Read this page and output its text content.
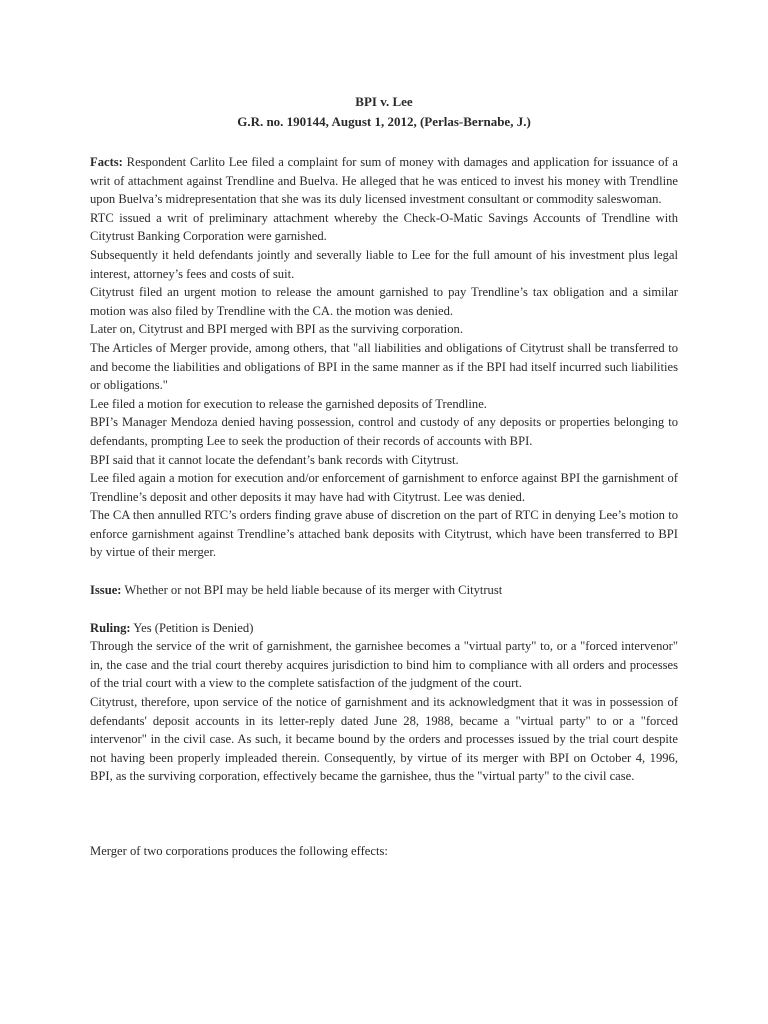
BPI v. Lee

G.R. no. 190144, August 1, 2012, (Perlas-Bernabe, J.)

Facts: Respondent Carlito Lee filed a complaint for sum of money with damages and application for issuance of a writ of attachment against Trendline and Buelva. He alleged that he was enticed to invest his money with Trendline upon Buelva’s midrepresentation that she was its duly licensed investment consultant or commodity saleswoman.

RTC issued a writ of preliminary attachment whereby the Check-O-Matic Savings Accounts of Trendline with Citytrust Banking Corporation were garnished.

Subsequently it held defendants jointly and severally liable to Lee for the full amount of his investment plus legal interest, attorney’s fees and costs of suit.

Citytrust filed an urgent motion to release the amount garnished to pay Trendline’s tax obligation and a similar motion was also filed by Trendline with the CA. the motion was denied.

Later on, Citytrust and BPI merged with BPI as the surviving corporation.

The Articles of Merger provide, among others, that "all liabilities and obligations of Citytrust shall be transferred to and become the liabilities and obligations of BPI in the same manner as if the BPI had itself incurred such liabilities or obligations."

Lee filed a motion for execution to release the garnished deposits of Trendline.

BPI’s Manager Mendoza denied having possession, control and custody of any deposits or properties belonging to defendants, prompting Lee to seek the production of their records of accounts with BPI.

BPI said that it cannot locate the defendant’s bank records with Citytrust.

Lee filed again a motion for execution and/or enforcement of garnishment to enforce against BPI the garnishment of Trendline’s deposit and other deposits it may have had with Citytrust. Lee was denied.

The CA then annulled RTC’s orders finding grave abuse of discretion on the part of RTC in denying Lee’s motion to enforce garnishment against Trendline’s attached bank deposits with Citytrust, which have been transferred to BPI by virtue of their merger.

Issue: Whether or not BPI may be held liable because of its merger with Citytrust

Ruling: Yes (Petition is Denied)

Through the service of the writ of garnishment, the garnishee becomes a "virtual party" to, or a "forced intervenor" in, the case and the trial court thereby acquires jurisdiction to bind him to compliance with all orders and processes of the trial court with a view to the complete satisfaction of the judgment of the court.

Citytrust, therefore, upon service of the notice of garnishment and its acknowledgment that it was in possession of defendants' deposit accounts in its letter-reply dated June 28, 1988, became a "virtual party" to or a "forced intervenor" in the civil case. As such, it became bound by the orders and processes issued by the trial court despite not having been properly impleaded therein. Consequently, by virtue of its merger with BPI on October 4, 1996, BPI, as the surviving corporation, effectively became the garnishee, thus the "virtual party" to the civil case.

Merger of two corporations produces the following effects:
